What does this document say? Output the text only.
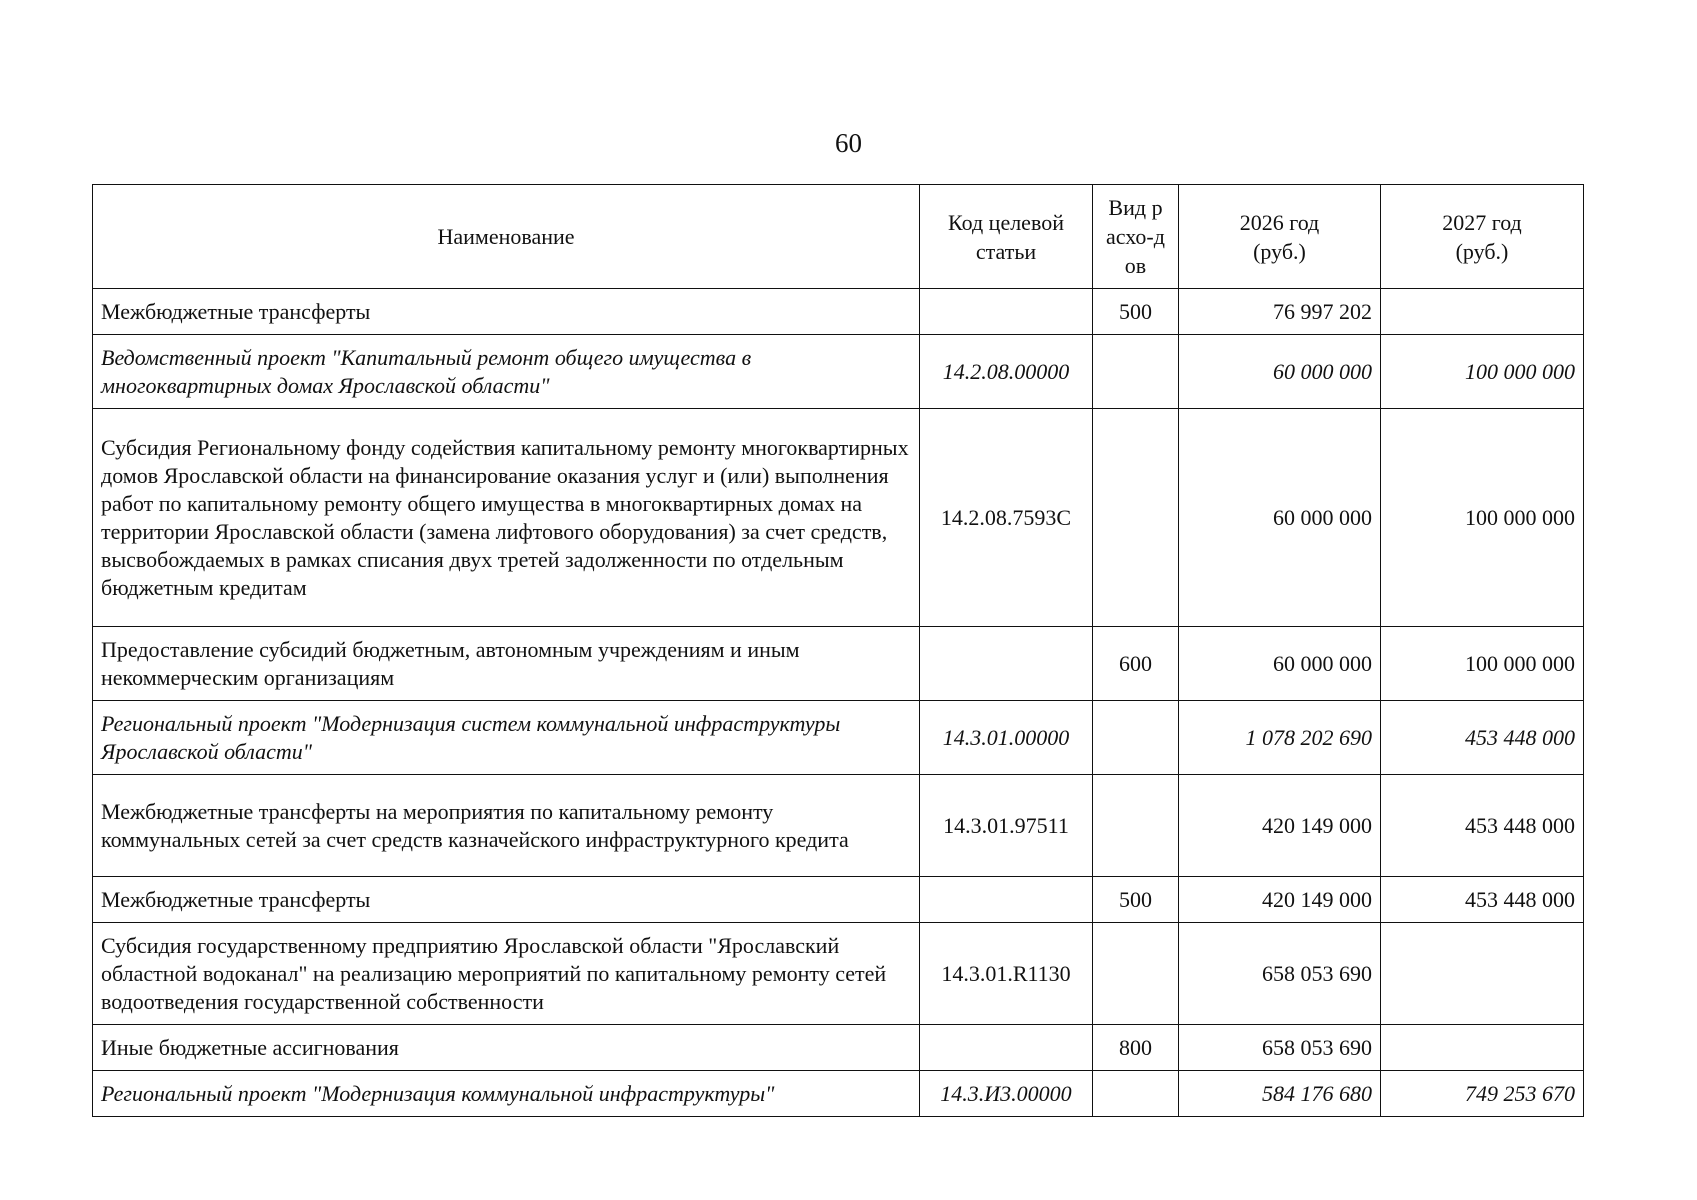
60
Наименование	Код целевой статьи	Вид расхо-дов	2026 год (руб.)	2027 год (руб.)
Межбюджетные трансферты		500	76 997 202	
Ведомственный проект "Капитальный ремонт общего имущества в многоквартирных домах Ярославской области"	14.2.08.00000		60 000 000	100 000 000
Субсидия Региональному фонду содействия капитальному ремонту многоквартирных домов Ярославской области на финансирование оказания услуг и (или) выполнения работ по капитальному ремонту общего имущества в многоквартирных домах на территории Ярославской области (замена лифтового оборудования) за счет средств, высвобождаемых в рамках списания двух третей задолженности по отдельным бюджетным кредитам	14.2.08.7593C		60 000 000	100 000 000
Предоставление субсидий бюджетным, автономным учреждениям и иным некоммерческим организациям		600	60 000 000	100 000 000
Региональный проект "Модернизация систем коммунальной инфраструктуры Ярославской области"	14.3.01.00000		1 078 202 690	453 448 000
Межбюджетные трансферты на мероприятия по капитальному ремонту коммунальных сетей за счет средств казначейского инфраструктурного кредита	14.3.01.97511		420 149 000	453 448 000
Межбюджетные трансферты		500	420 149 000	453 448 000
Субсидия государственному предприятию Ярославской области "Ярославский областной водоканал" на реализацию мероприятий по капитальному ремонту сетей водоотведения государственной собственности	14.3.01.R1130		658 053 690	
Иные бюджетные ассигнования		800	658 053 690	
Региональный проект "Модернизация коммунальной инфраструктуры"	14.3.И3.00000		584 176 680	749 253 670
